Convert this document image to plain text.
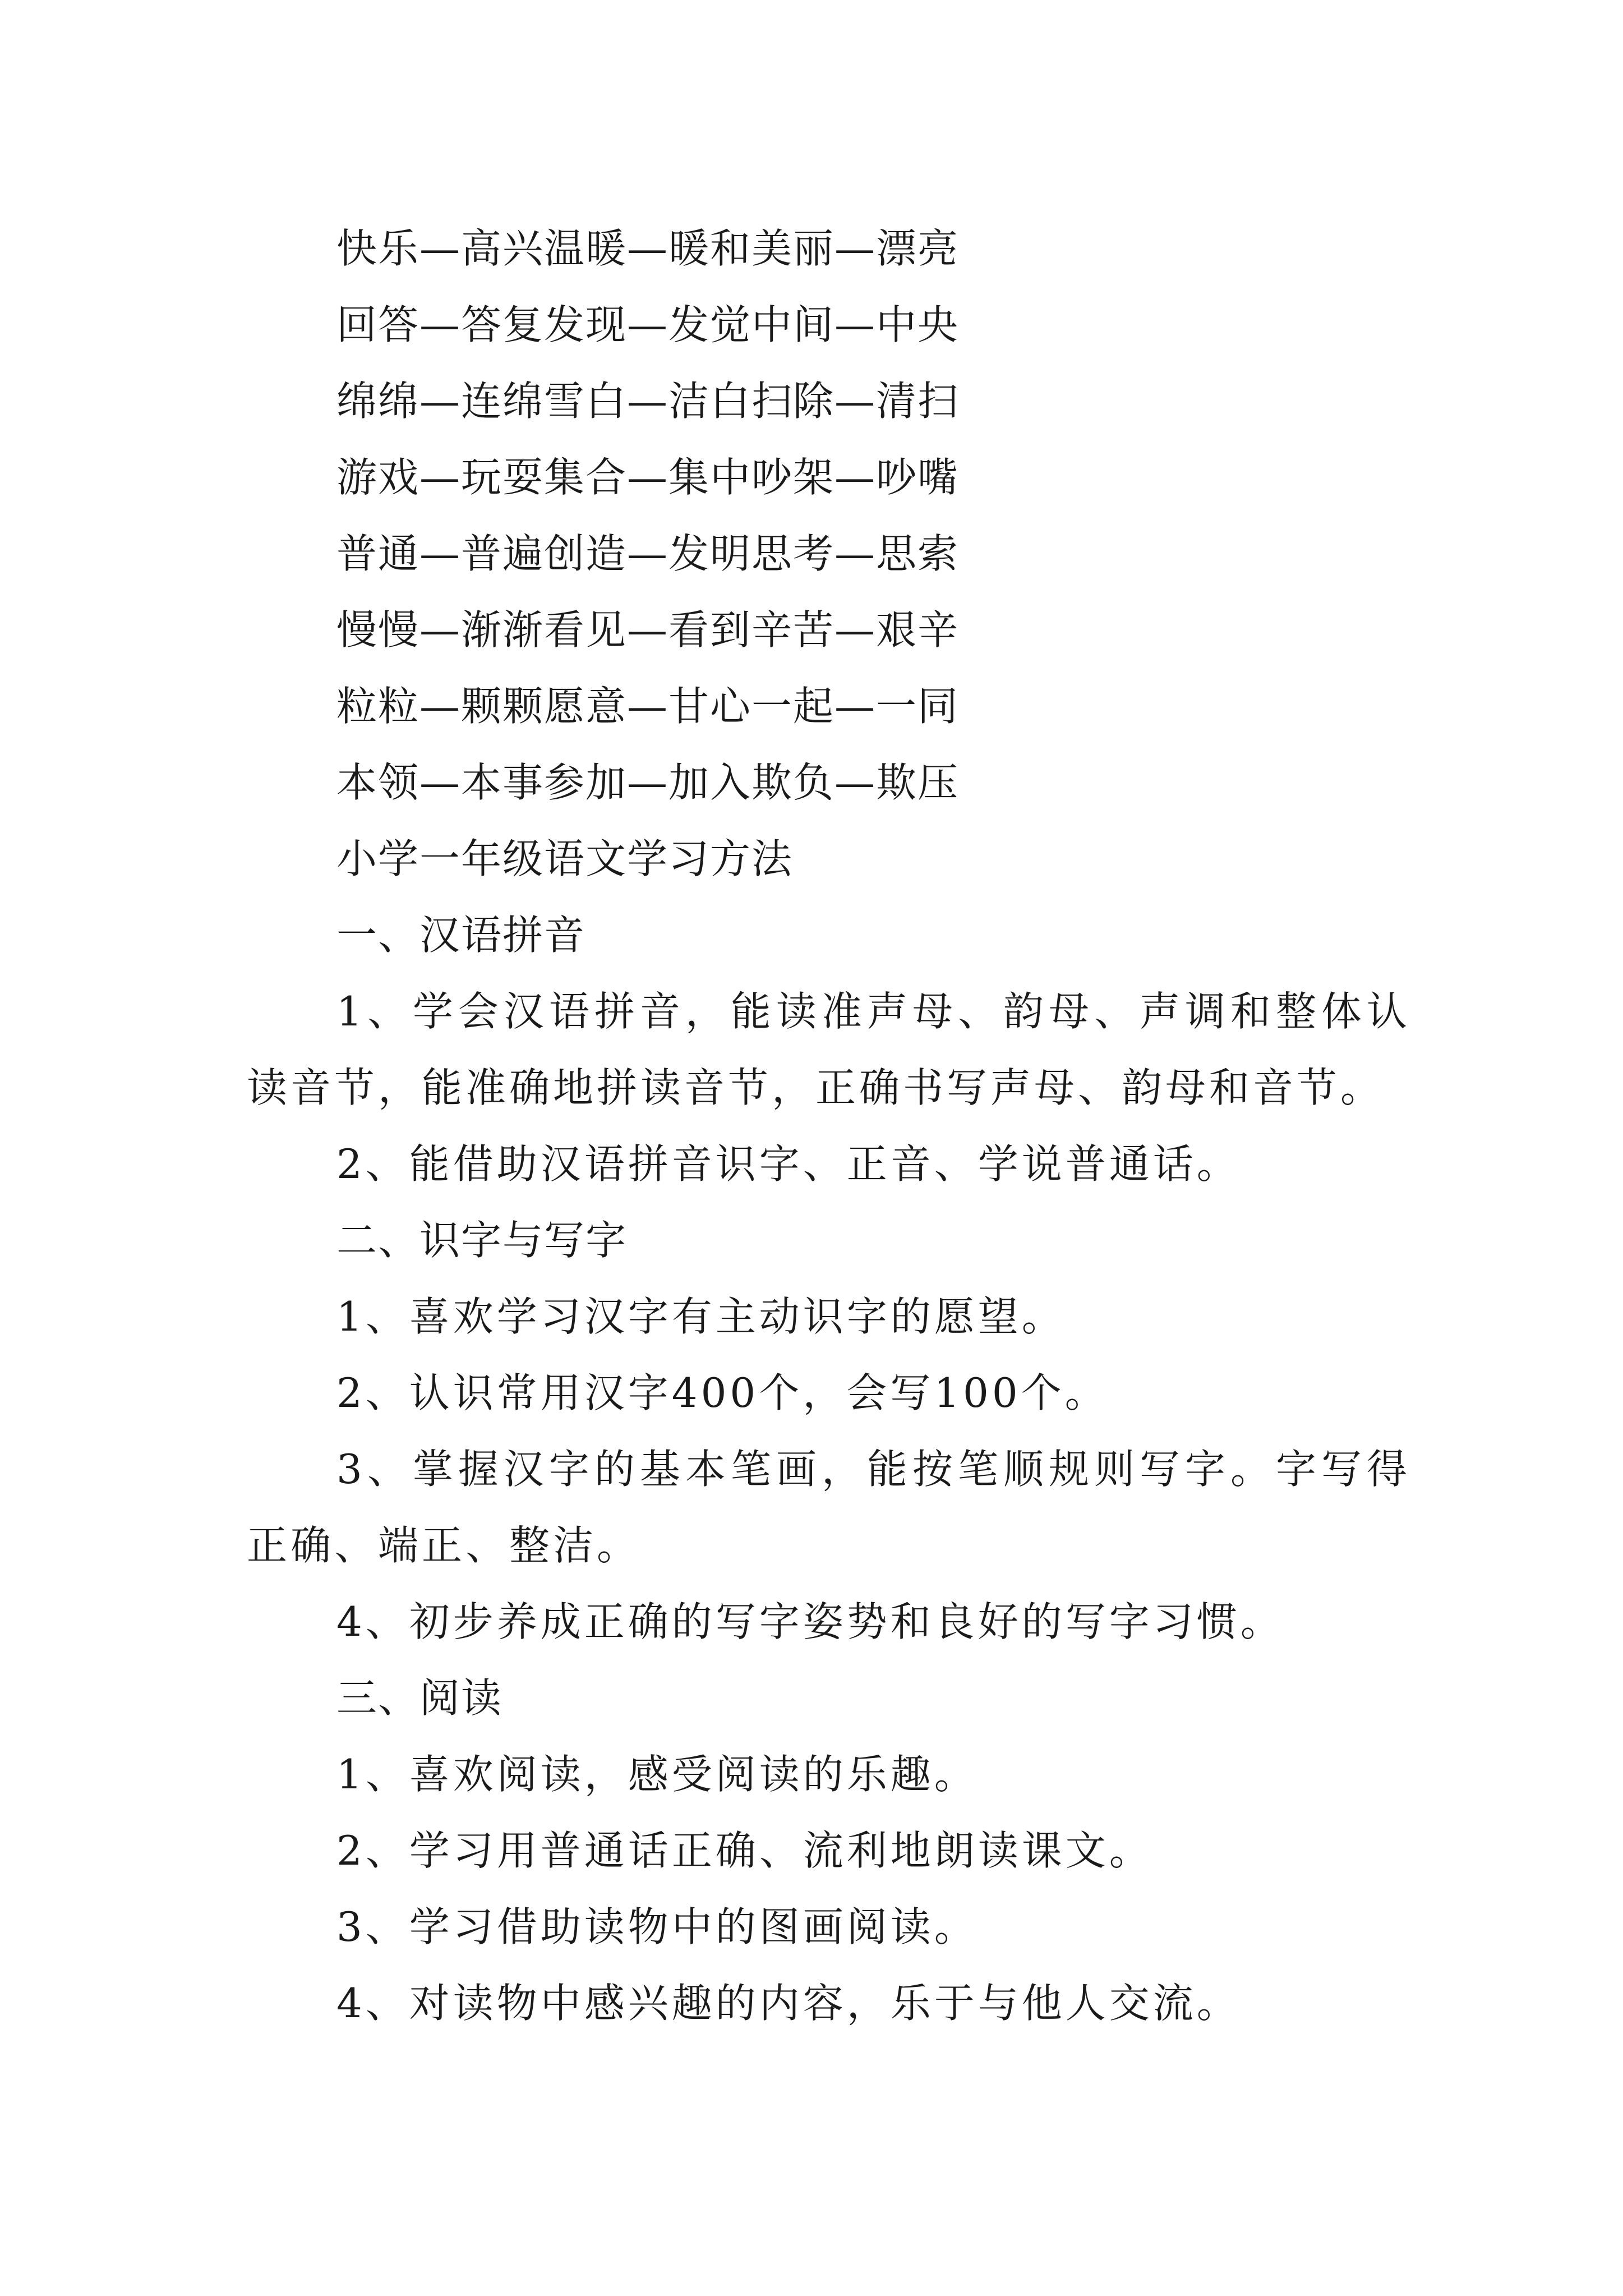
快乐—高兴温暖—暖和美丽—漂亮
回答—答复发现—发觉中间—中央
绵绵—连绵雪白—洁白扫除—清扫
游戏—玩耍集合—集中吵架—吵嘴
普通—普遍创造—发明思考—思索
慢慢—渐渐看见—看到辛苦—艰辛
粒粒—颗颗愿意—甘心一起—一同
本领—本事参加—加入欺负—欺压
小学一年级语文学习方法
一、汉语拼音

1、学会汉语拼音，能读准声母、韵母、声调和整体认读音节，能准确地拼读音节，正确书写声母、韵母和音节。

2、能借助汉语拼音识字、正音、学说普通话。

二、识字与写字

1、喜欢学习汉字有主动识字的愿望。

2、认识常用汉字400个，会写100个。

3、掌握汉字的基本笔画，能按笔顺规则写字。字写得正确、端正、整洁。

4、初步养成正确的写字姿势和良好的写字习惯。

三、阅读

1、喜欢阅读，感受阅读的乐趣。

2、学习用普通话正确、流利地朗读课文。

3、学习借助读物中的图画阅读。

4、对读物中感兴趣的内容，乐于与他人交流。
